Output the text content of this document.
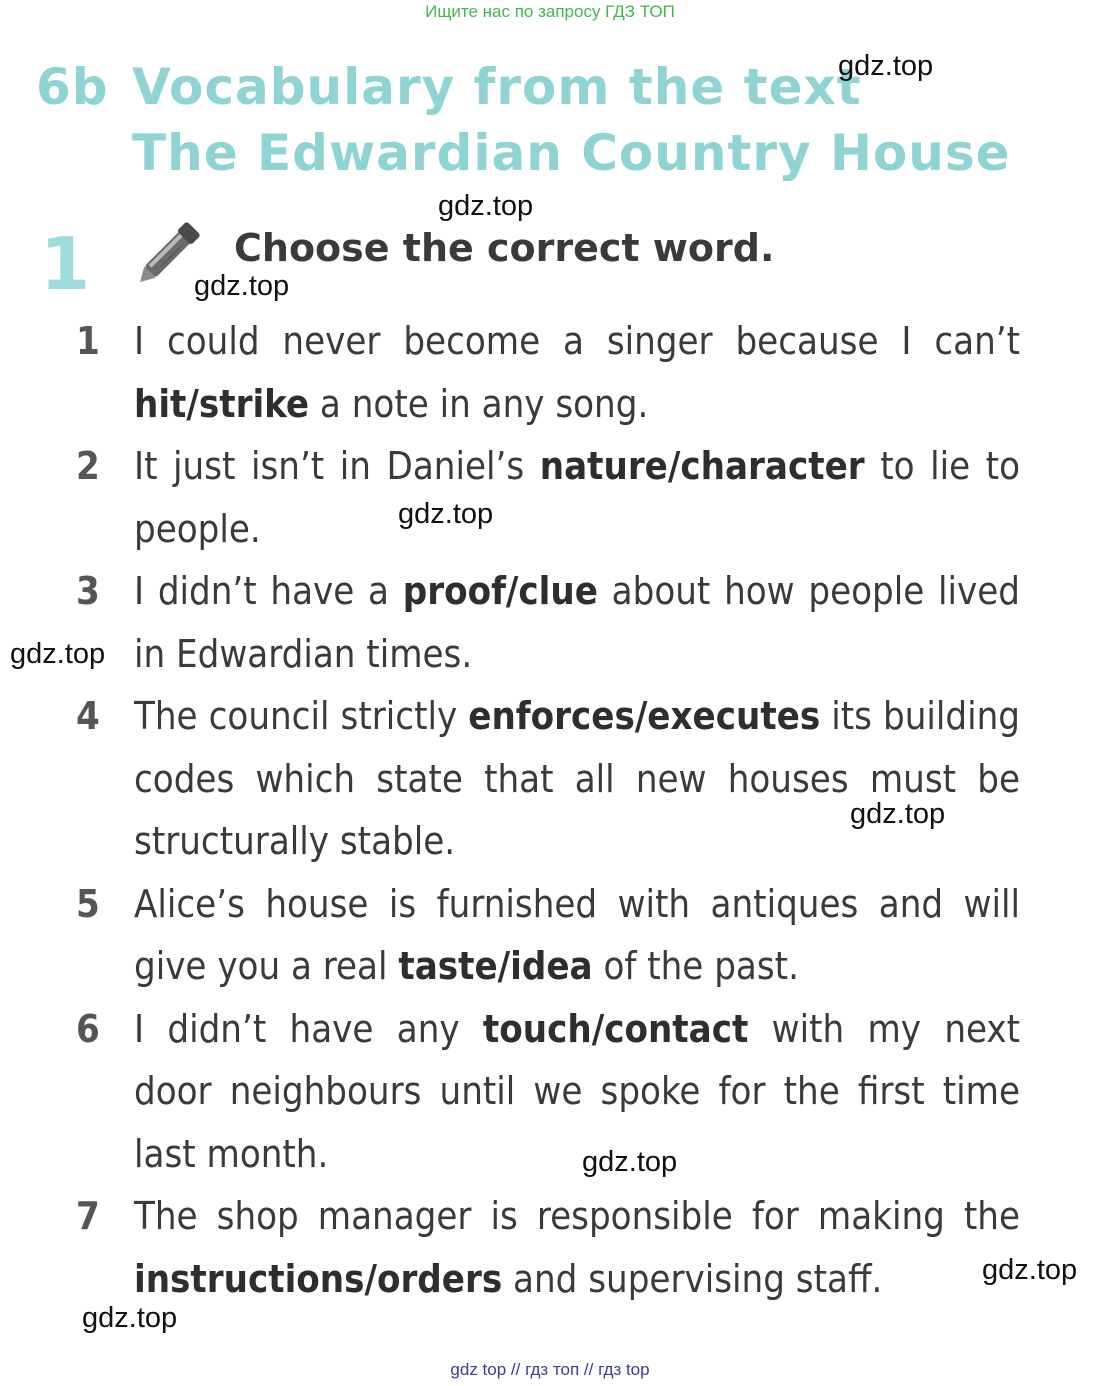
Ищите нас по запросу ГДЗ ТОП
6b Vocabulary from the text
The Edwardian Country House
1	Choose the correct word.
1 I could never become a singer because I can’t hit/strike a note in any song.
2 It just isn’t in Daniel’s nature/character to lie to people.
3 I didn’t have a proof/clue about how people lived in Edwardian times.
4 The council strictly enforces/executes its building codes which state that all new houses must be structurally stable.
5 Alice’s house is furnished with antiques and will give you a real taste/idea of the past.
6 I didn’t have any touch/contact with my next door neighbours until we spoke for the first time last month.
7 The shop manager is responsible for making the instructions/orders and supervising staff.
gdz.top
gdz.top
gdz.top
gdz.top
gdz.top
gdz.top
gdz.top
gdz.top
gdz.top
gdz top // гдз топ // гдз top
